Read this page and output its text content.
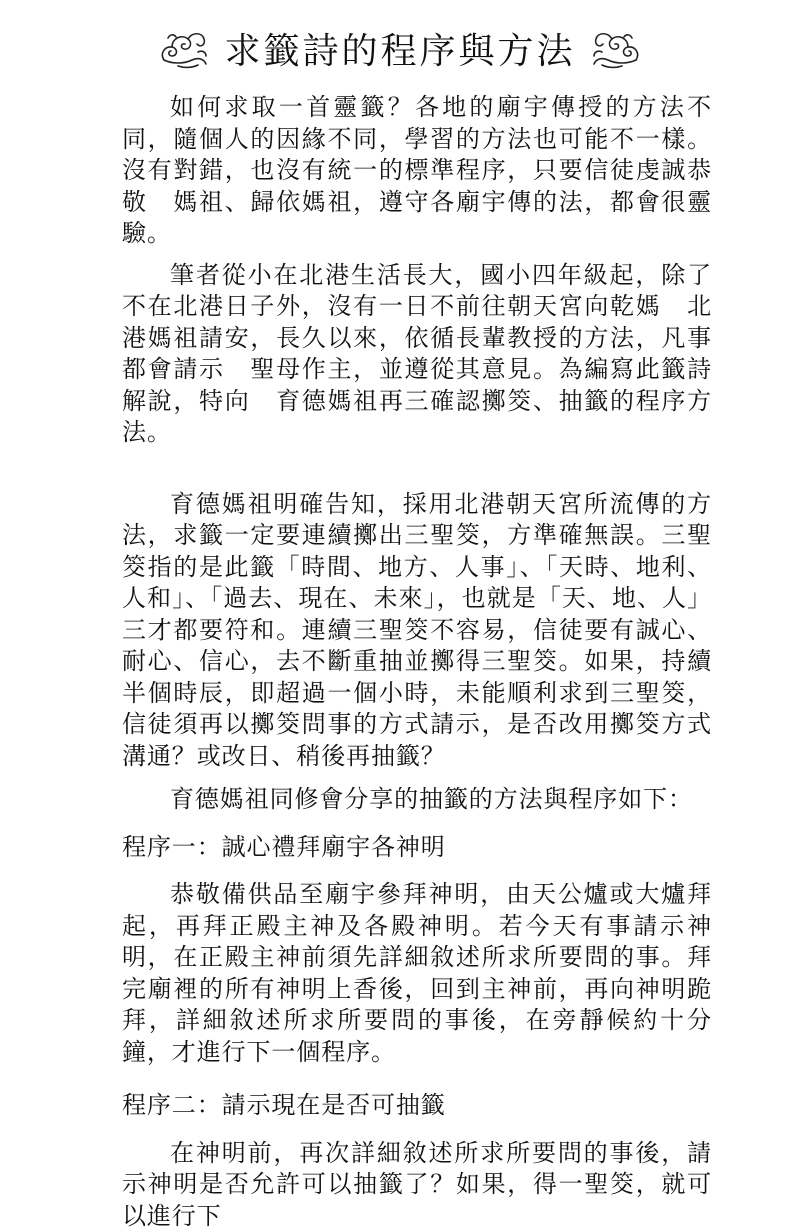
求籤詩的程序與方法

如何求取一首靈籤？各地的廟宇傳授的方法不同，隨個人的因緣不同，學習的方法也可能不一樣。沒有對錯，也沒有統一的標準程序，只要信徒虔誠恭敬　媽祖、歸依媽祖，遵守各廟宇傳的法，都會很靈驗。

筆者從小在北港生活長大，國小四年級起，除了不在北港日子外，沒有一日不前往朝天宮向乾媽　北港媽祖請安，長久以來，依循長輩教授的方法，凡事都會請示　聖母作主，並遵從其意見。為編寫此籤詩解說，特向　育德媽祖再三確認擲筊、抽籤的程序方法。

育德媽祖明確告知，採用北港朝天宮所流傳的方法，求籤一定要連續擲出三聖筊，方準確無誤。三聖筊指的是此籤「時間、地方、人事」、「天時、地利、人和」、「過去、現在、未來」，也就是「天、地、人」三才都要符和。連續三聖筊不容易，信徒要有誠心、耐心、信心，去不斷重抽並擲得三聖筊。如果，持續半個時辰，即超過一個小時，未能順利求到三聖筊，信徒須再以擲筊問事的方式請示，是否改用擲筊方式溝通？或改日、稍後再抽籤？

育德媽祖同修會分享的抽籤的方法與程序如下：

程序一：誠心禮拜廟宇各神明

恭敬備供品至廟宇參拜神明，由天公爐或大爐拜起，再拜正殿主神及各殿神明。若今天有事請示神明，在正殿主神前須先詳細敘述所求所要問的事。拜完廟裡的所有神明上香後，回到主神前，再向神明跪拜，詳細敘述所求所要問的事後，在旁靜候約十分鐘，才進行下一個程序。

程序二：請示現在是否可抽籤

在神明前，再次詳細敘述所求所要問的事後，請示神明是否允許可以抽籤了？如果，得一聖筊，就可以進行下
